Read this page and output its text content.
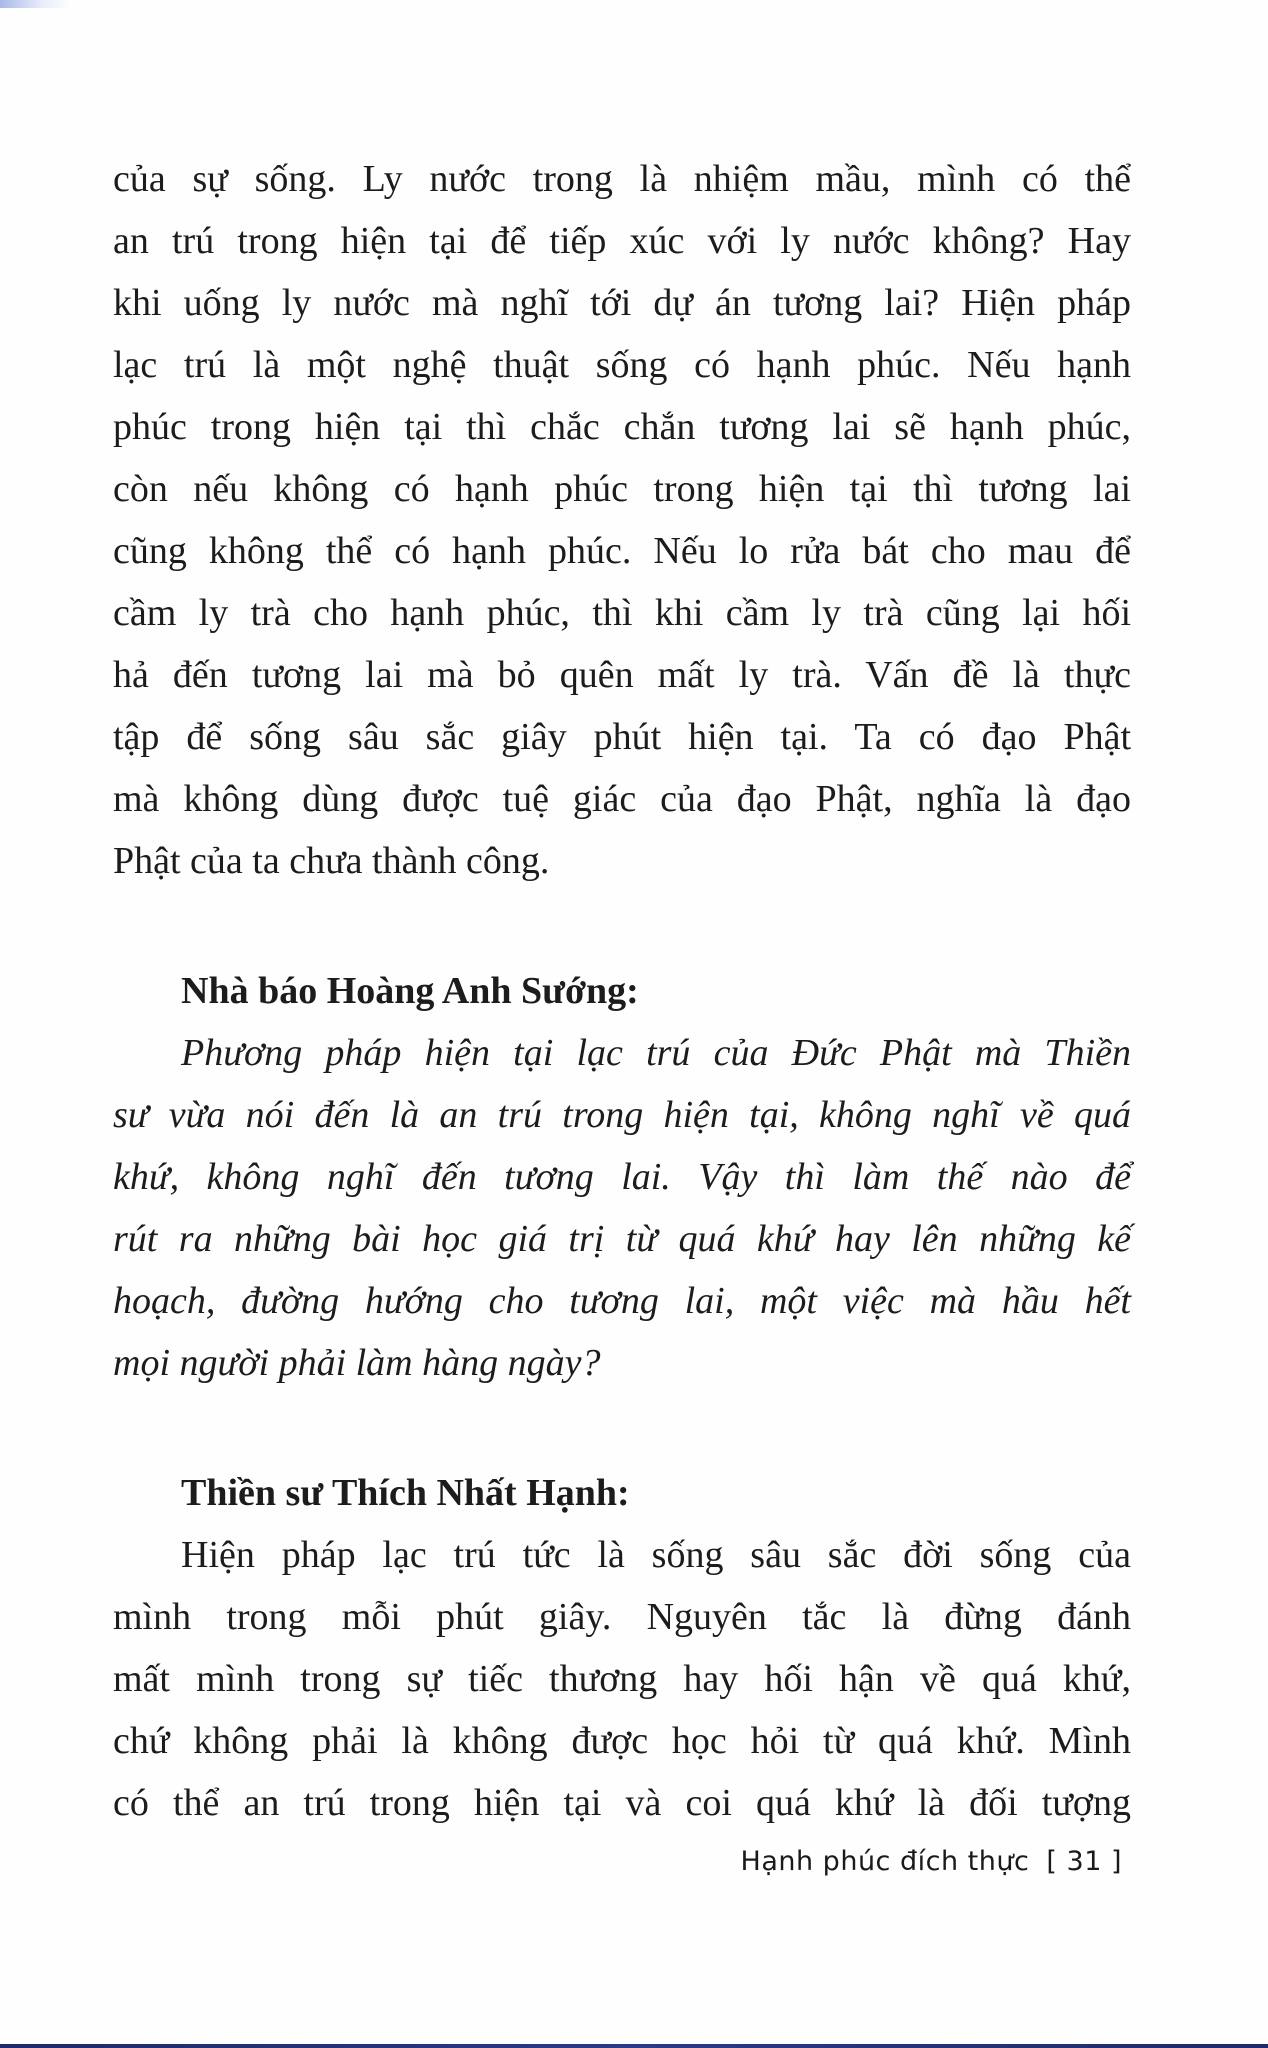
của sự sống. Ly nước trong là nhiệm mầu, mình có thể
an trú trong hiện tại để tiếp xúc với ly nước không? Hay
khi uống ly nước mà nghĩ tới dự án tương lai? Hiện pháp
lạc trú là một nghệ thuật sống có hạnh phúc. Nếu hạnh
phúc trong hiện tại thì chắc chắn tương lai sẽ hạnh phúc,
còn nếu không có hạnh phúc trong hiện tại thì tương lai
cũng không thể có hạnh phúc. Nếu lo rửa bát cho mau để
cầm ly trà cho hạnh phúc, thì khi cầm ly trà cũng lại hối
hả đến tương lai mà bỏ quên mất ly trà. Vấn đề là thực
tập để sống sâu sắc giây phút hiện tại. Ta có đạo Phật
mà không dùng được tuệ giác của đạo Phật, nghĩa là đạo
Phật của ta chưa thành công.
Nhà báo Hoàng Anh Sướng:
Phương pháp hiện tại lạc trú của Đức Phật mà Thiền
sư vừa nói đến là an trú trong hiện tại, không nghĩ về quá
khứ, không nghĩ đến tương lai. Vậy thì làm thế nào để
rút ra những bài học giá trị từ quá khứ hay lên những kế
hoạch, đường hướng cho tương lai, một việc mà hầu hết
mọi người phải làm hàng ngày?
Thiền sư Thích Nhất Hạnh:
Hiện pháp lạc trú tức là sống sâu sắc đời sống của
mình trong mỗi phút giây. Nguyên tắc là đừng đánh
mất mình trong sự tiếc thương hay hối hận về quá khứ,
chứ không phải là không được học hỏi từ quá khứ. Mình
có thể an trú trong hiện tại và coi quá khứ là đối tượng
Hạnh phúc đích thực [ 31 ]
